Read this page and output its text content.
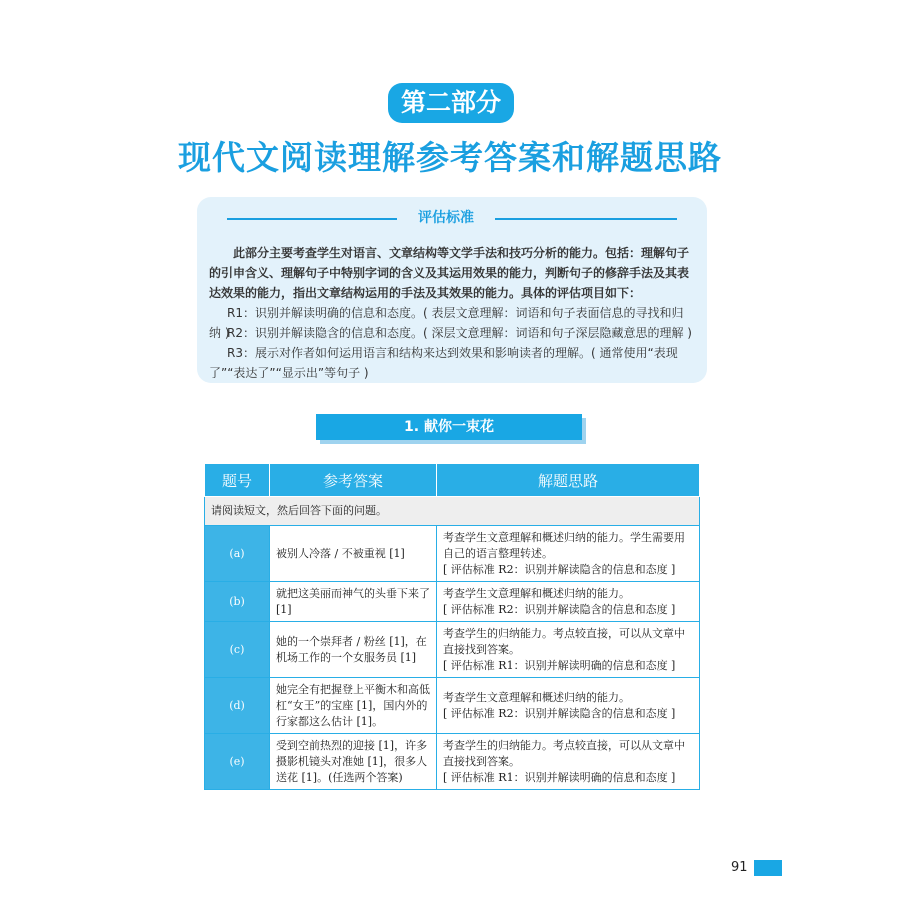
第二部分
现代文阅读理解参考答案和解题思路
评估标准

此部分主要考查学生对语言、文章结构等文学手法和技巧分析的能力。包括：理解句子的引申含义、理解句子中特别字词的含义及其运用效果的能力，判断句子的修辞手法及其表达效果的能力，指出文章结构运用的手法及其效果的能力。具体的评估项目如下：

R1：识别并解读明确的信息和态度。( 表层文意理解：词语和句子表面信息的寻找和归纳 )

R2：识别并解读隐含的信息和态度。( 深层文意理解：词语和句子深层隐藏意思的理解 )

R3：展示对作者如何运用语言和结构来达到效果和影响读者的理解。( 通常使用“表现了”“表达了”“显示出”等句子 )

1. 献你一束花
题号	参考答案	解题思路
请阅读短文，然后回答下面的问题。		
(a)	被别人冷落 / 不被重视 [1]	考查学生文意理解和概述归纳的能力。学生需要用自己的语言整理转述。
[ 评估标准 R2：识别并解读隐含的信息和态度 ]

(b)	就把这美丽而神气的头垂下来了 [1]	考查学生文意理解和概述归纳的能力。
[ 评估标准 R2：识别并解读隐含的信息和态度 ]

(c)	她的一个崇拜者 / 粉丝 [1]，在机场工作的一个女服务员 [1]	考查学生的归纳能力。考点较直接，可以从文章中直接找到答案。
[ 评估标准 R1：识别并解读明确的信息和态度 ]

(d)	她完全有把握登上平衡木和高低杠“女王”的宝座 [1]，国内外的行家都这么估计 [1]。	考查学生文意理解和概述归纳的能力。
[ 评估标准 R2：识别并解读隐含的信息和态度 ]

(e)	受到空前热烈的迎接 [1]，许多摄影机镜头对准她 [1]，很多人送花 [1]。(任选两个答案)	考查学生的归纳能力。考点较直接，可以从文章中直接找到答案。
[ 评估标准 R1：识别并解读明确的信息和态度 ]
91
